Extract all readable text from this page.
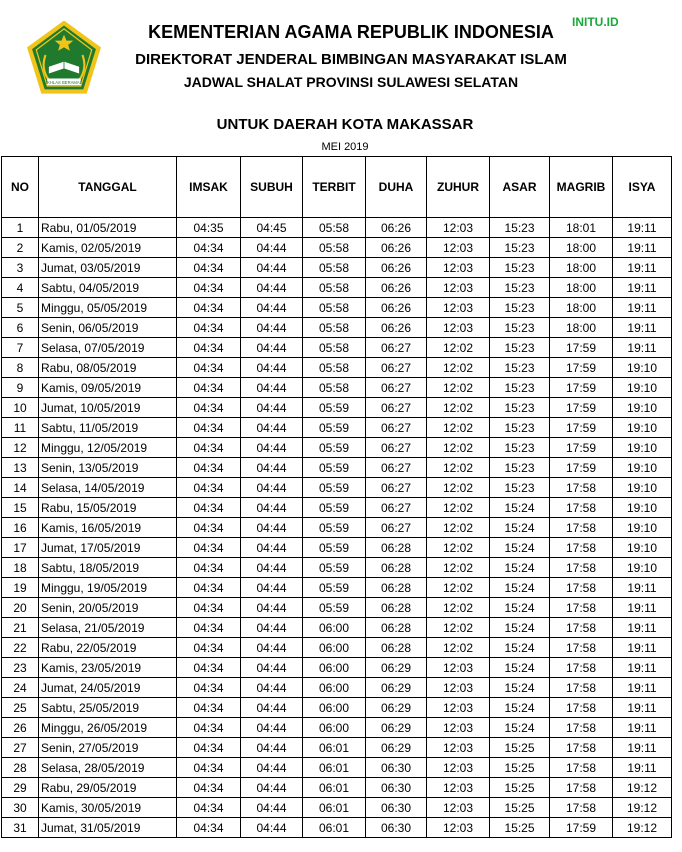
IKHLAS BERAMAL
KEMENTERIAN AGAMA REPUBLIK INDONESIA
DIREKTORAT JENDERAL BIMBINGAN MASYARAKAT ISLAM
JADWAL SHALAT PROVINSI SULAWESI SELATAN
INITU.ID
UNTUK DAERAH KOTA MAKASSAR
MEI 2019
NO	TANGGAL	IMSAK	SUBUH	TERBIT	DUHA	ZUHUR	ASAR	MAGRIB	ISYA
1	Rabu, 01/05/2019	04:35	04:45	05:58	06:26	12:03	15:23	18:01	19:11
2	Kamis, 02/05/2019	04:34	04:44	05:58	06:26	12:03	15:23	18:00	19:11
3	Jumat, 03/05/2019	04:34	04:44	05:58	06:26	12:03	15:23	18:00	19:11
4	Sabtu, 04/05/2019	04:34	04:44	05:58	06:26	12:03	15:23	18:00	19:11
5	Minggu, 05/05/2019	04:34	04:44	05:58	06:26	12:03	15:23	18:00	19:11
6	Senin, 06/05/2019	04:34	04:44	05:58	06:26	12:03	15:23	18:00	19:11
7	Selasa, 07/05/2019	04:34	04:44	05:58	06:27	12:02	15:23	17:59	19:11
8	Rabu, 08/05/2019	04:34	04:44	05:58	06:27	12:02	15:23	17:59	19:10
9	Kamis, 09/05/2019	04:34	04:44	05:58	06:27	12:02	15:23	17:59	19:10
10	Jumat, 10/05/2019	04:34	04:44	05:59	06:27	12:02	15:23	17:59	19:10
11	Sabtu, 11/05/2019	04:34	04:44	05:59	06:27	12:02	15:23	17:59	19:10
12	Minggu, 12/05/2019	04:34	04:44	05:59	06:27	12:02	15:23	17:59	19:10
13	Senin, 13/05/2019	04:34	04:44	05:59	06:27	12:02	15:23	17:59	19:10
14	Selasa, 14/05/2019	04:34	04:44	05:59	06:27	12:02	15:23	17:58	19:10
15	Rabu, 15/05/2019	04:34	04:44	05:59	06:27	12:02	15:24	17:58	19:10
16	Kamis, 16/05/2019	04:34	04:44	05:59	06:27	12:02	15:24	17:58	19:10
17	Jumat, 17/05/2019	04:34	04:44	05:59	06:28	12:02	15:24	17:58	19:10
18	Sabtu, 18/05/2019	04:34	04:44	05:59	06:28	12:02	15:24	17:58	19:10
19	Minggu, 19/05/2019	04:34	04:44	05:59	06:28	12:02	15:24	17:58	19:11
20	Senin, 20/05/2019	04:34	04:44	05:59	06:28	12:02	15:24	17:58	19:11
21	Selasa, 21/05/2019	04:34	04:44	06:00	06:28	12:02	15:24	17:58	19:11
22	Rabu, 22/05/2019	04:34	04:44	06:00	06:28	12:02	15:24	17:58	19:11
23	Kamis, 23/05/2019	04:34	04:44	06:00	06:29	12:03	15:24	17:58	19:11
24	Jumat, 24/05/2019	04:34	04:44	06:00	06:29	12:03	15:24	17:58	19:11
25	Sabtu, 25/05/2019	04:34	04:44	06:00	06:29	12:03	15:24	17:58	19:11
26	Minggu, 26/05/2019	04:34	04:44	06:00	06:29	12:03	15:24	17:58	19:11
27	Senin, 27/05/2019	04:34	04:44	06:01	06:29	12:03	15:25	17:58	19:11
28	Selasa, 28/05/2019	04:34	04:44	06:01	06:30	12:03	15:25	17:58	19:11
29	Rabu, 29/05/2019	04:34	04:44	06:01	06:30	12:03	15:25	17:58	19:12
30	Kamis, 30/05/2019	04:34	04:44	06:01	06:30	12:03	15:25	17:58	19:12
31	Jumat, 31/05/2019	04:34	04:44	06:01	06:30	12:03	15:25	17:59	19:12
